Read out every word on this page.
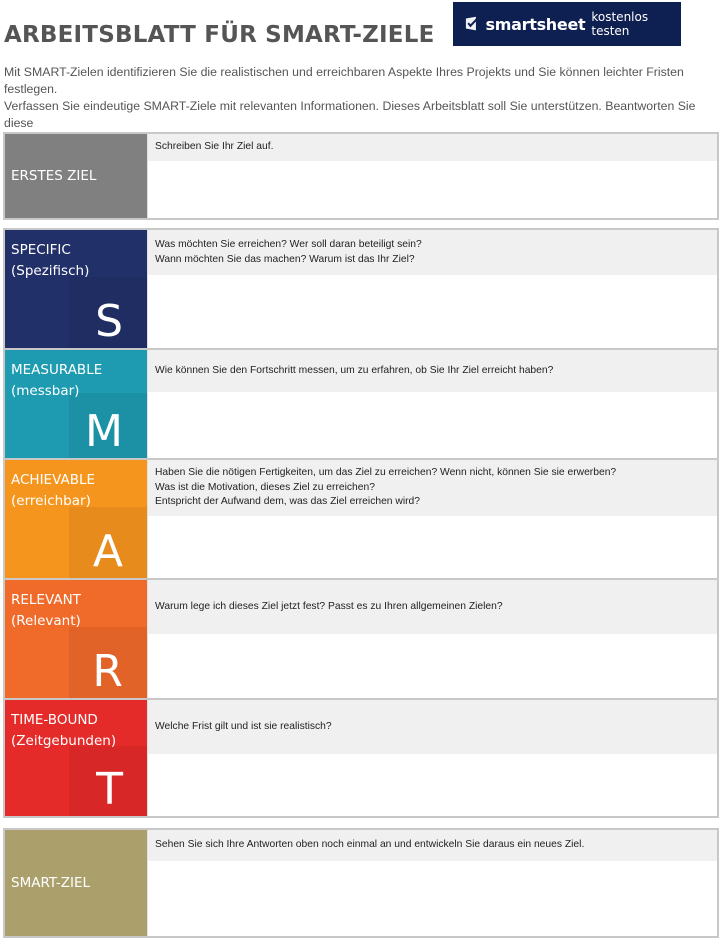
ARBEITSBLATT FÜR SMART-ZIELE	smartsheet kostenlos testen
Mit SMART-Zielen identifizieren Sie die realistischen und erreichbaren Aspekte Ihres Projekts und Sie können leichter Fristen festlegen.
Verfassen Sie eindeutige SMART-Ziele mit relevanten Informationen. Dieses Arbeitsblatt soll Sie unterstützen. Beantworten Sie diese
ERSTES ZIEL
Schreiben Sie Ihr Ziel auf.
SPECIFIC
(Spezifisch)
S
Was möchten Sie erreichen? Wer soll daran beteiligt sein?
Wann möchten Sie das machen? Warum ist das Ihr Ziel?
MEASURABLE
(messbar)
M
Wie können Sie den Fortschritt messen, um zu erfahren, ob Sie Ihr Ziel erreicht haben?
ACHIEVABLE
(erreichbar)
A
Haben Sie die nötigen Fertigkeiten, um das Ziel zu erreichen? Wenn nicht, können Sie sie erwerben?
Was ist die Motivation, dieses Ziel zu erreichen?
Entspricht der Aufwand dem, was das Ziel erreichen wird?
RELEVANT
(Relevant)
R
Warum lege ich dieses Ziel jetzt fest? Passt es zu Ihren allgemeinen Zielen?
TIME-BOUND
(Zeitgebunden)
T
Welche Frist gilt und ist sie realistisch?
SMART-ZIEL
Sehen Sie sich Ihre Antworten oben noch einmal an und entwickeln Sie daraus ein neues Ziel.
